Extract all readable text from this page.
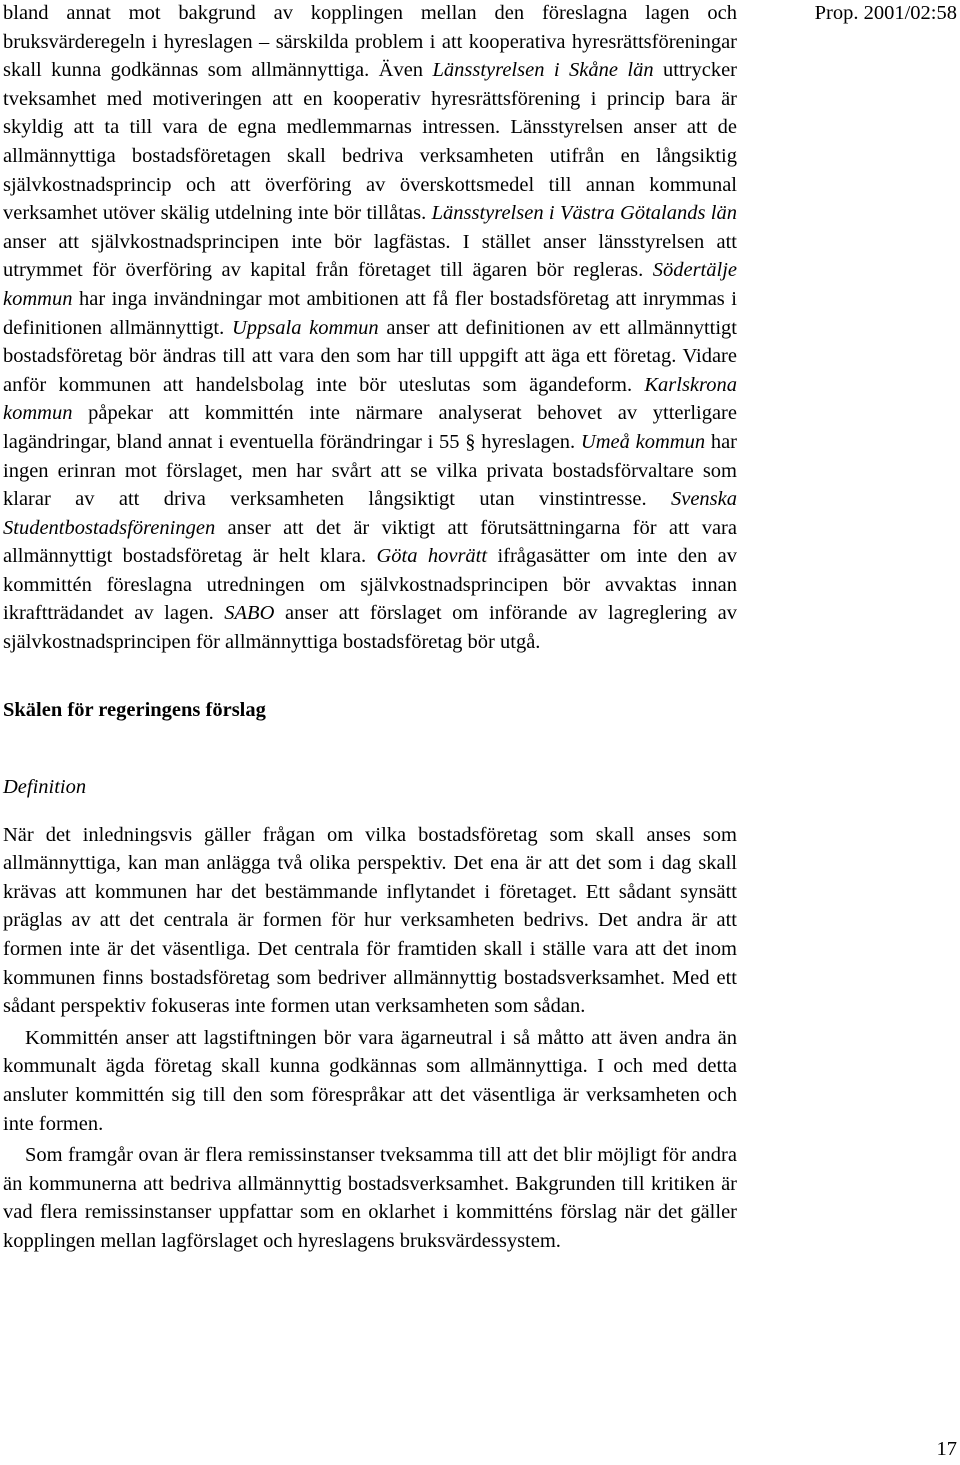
Prop. 2001/02:58

bland annat mot bakgrund av kopplingen mellan den föreslagna lagen och bruksvärderegeln i hyreslagen – särskilda problem i att kooperativa hyresrättsföreningar skall kunna godkännas som allmännyttiga. Även Länsstyrelsen i Skåne län uttrycker tveksamhet med motiveringen att en kooperativ hyresrättsförening i princip bara är skyldig att ta till vara de egna medlemmarnas intressen. Länsstyrelsen anser att de allmännyttiga bostadsföretagen skall bedriva verksamheten utifrån en långsiktig självkostnadsprincip och att överföring av överskottsmedel till annan kommunal verksamhet utöver skälig utdelning inte bör tillåtas. Länsstyrelsen i Västra Götalands län anser att självkostnadsprincipen inte bör lagfästas. I stället anser länsstyrelsen att utrymmet för överföring av kapital från företaget till ägaren bör regleras. Södertälje kommun har inga invändningar mot ambitionen att få fler bostadsföretag att inrymmas i definitionen allmännyttigt. Uppsala kommun anser att definitionen av ett allmännyttigt bostadsföretag bör ändras till att vara den som har till uppgift att äga ett företag. Vidare anför kommunen att handelsbolag inte bör uteslutas som ägandeform. Karlskrona kommun påpekar att kommittén inte närmare analyserat behovet av ytterligare lagändringar, bland annat i eventuella förändringar i 55 § hyreslagen. Umeå kommun har ingen erinran mot förslaget, men har svårt att se vilka privata bostadsförvaltare som klarar av att driva verksamheten långsiktigt utan vinstintresse. Svenska Studentbostadsföreningen anser att det är viktigt att förutsättningarna för att vara allmännyttigt bostadsföretag är helt klara. Göta hovrätt ifrågasätter om inte den av kommittén föreslagna utredningen om självkostnadsprincipen bör avvaktas innan ikraftträdandet av lagen. SABO anser att förslaget om införande av lagreglering av självkostnadsprincipen för allmännyttiga bostadsföretag bör utgå.

Skälen för regeringens förslag

Definition

När det inledningsvis gäller frågan om vilka bostadsföretag som skall anses som allmännyttiga, kan man anlägga två olika perspektiv. Det ena är att det som i dag skall krävas att kommunen har det bestämmande inflytandet i företaget. Ett sådant synsätt präglas av att det centrala är formen för hur verksamheten bedrivs. Det andra är att formen inte är det väsentliga. Det centrala för framtiden skall i ställe vara att det inom kommunen finns bostadsföretag som bedriver allmännyttig bostadsverksamhet. Med ett sådant perspektiv fokuseras inte formen utan verksamheten som sådan.

Kommittén anser att lagstiftningen bör vara ägarneutral i så måtto att även andra än kommunalt ägda företag skall kunna godkännas som allmännyttiga. I och med detta ansluter kommittén sig till den som förespråkar att det väsentliga är verksamheten och inte formen.

Som framgår ovan är flera remissinstanser tveksamma till att det blir möjligt för andra än kommunerna att bedriva allmännyttig bostadsverksamhet. Bakgrunden till kritiken är vad flera remissinstanser uppfattar som en oklarhet i kommitténs förslag när det gäller kopplingen mellan lagförslaget och hyreslagens bruksvärdessystem.

17
